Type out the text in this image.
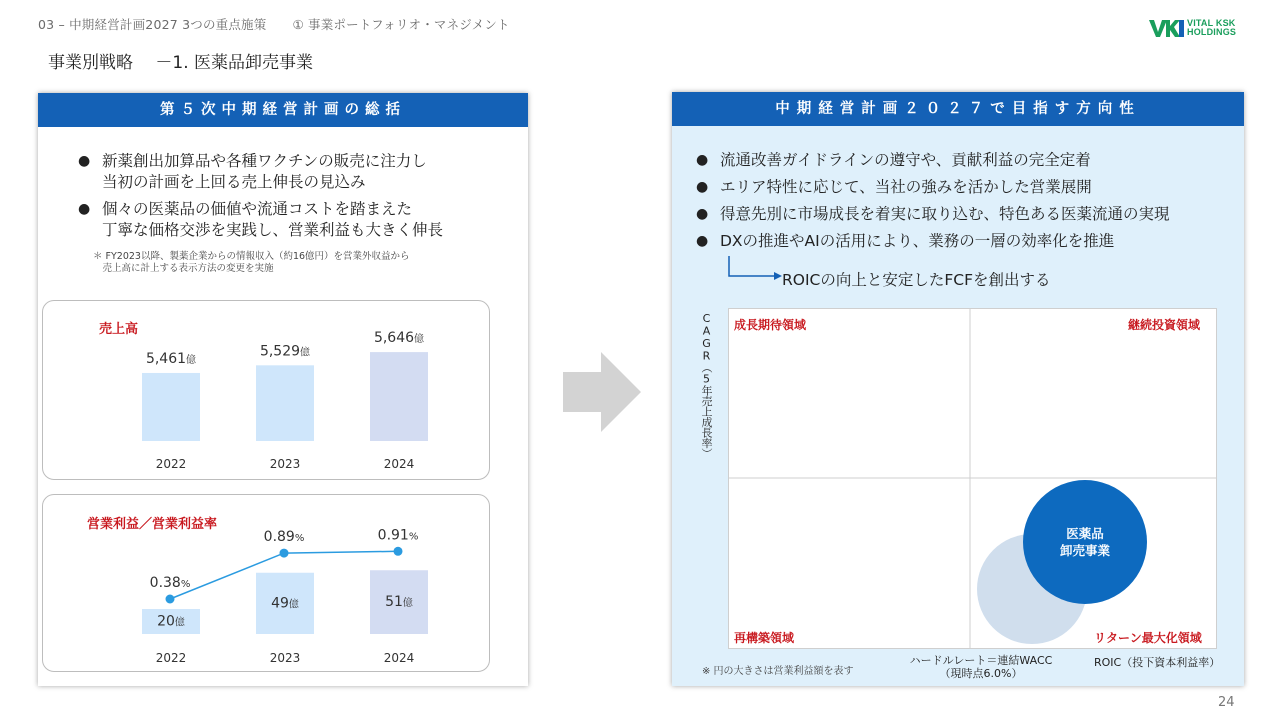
03 – 中期経営計画2027 3つの重点施策 ① 事業ポートフォリオ・マネジメント	VITAL KSK
HOLDINGS
事業別戦略 　－1. 医薬品卸売事業
第５次中期経営計画の総括
● 新薬創出加算品や各種ワクチンの販売に注力し
当初の計画を上回る売上伸長の見込み
● 個々の医薬品の価値や流通コストを踏まえた
丁寧な価格交渉を実践し、営業利益も大きく伸長
＊ FY2023以降、製薬企業からの情報収入（約16億円）を営業外収益から
　売上高に計上する表示方法の変更を実施
5,461億
2022
5,529億
2023
5,646億
2024
売上高
20億
2022
49億
2023
51億
2024
0.38%
0.89%	0.91%
営業利益／営業利益率
中期経営計画２０２７で目指す方向性
● 流通改善ガイドラインの遵守や、貢献利益の完全定着
● エリア特性に応じて、当社の強みを活かした営業展開
● 得意先別に市場成長を着実に取り込む、特色ある医薬流通の実現
● DXの推進やAIの活用により、業務の一層の効率化を推進
ROICの向上と安定したFCFを創出する
CAGR（5年売上成長率） 成長期待領域	継続投資領域
再構築領域	リターン最大化領域
医薬品
卸売事業
※ 円の大きさは営業利益額を表す
ハードルレート＝連結WACC
（現時点6.0%）
ROIC（投下資本利益率）
24
